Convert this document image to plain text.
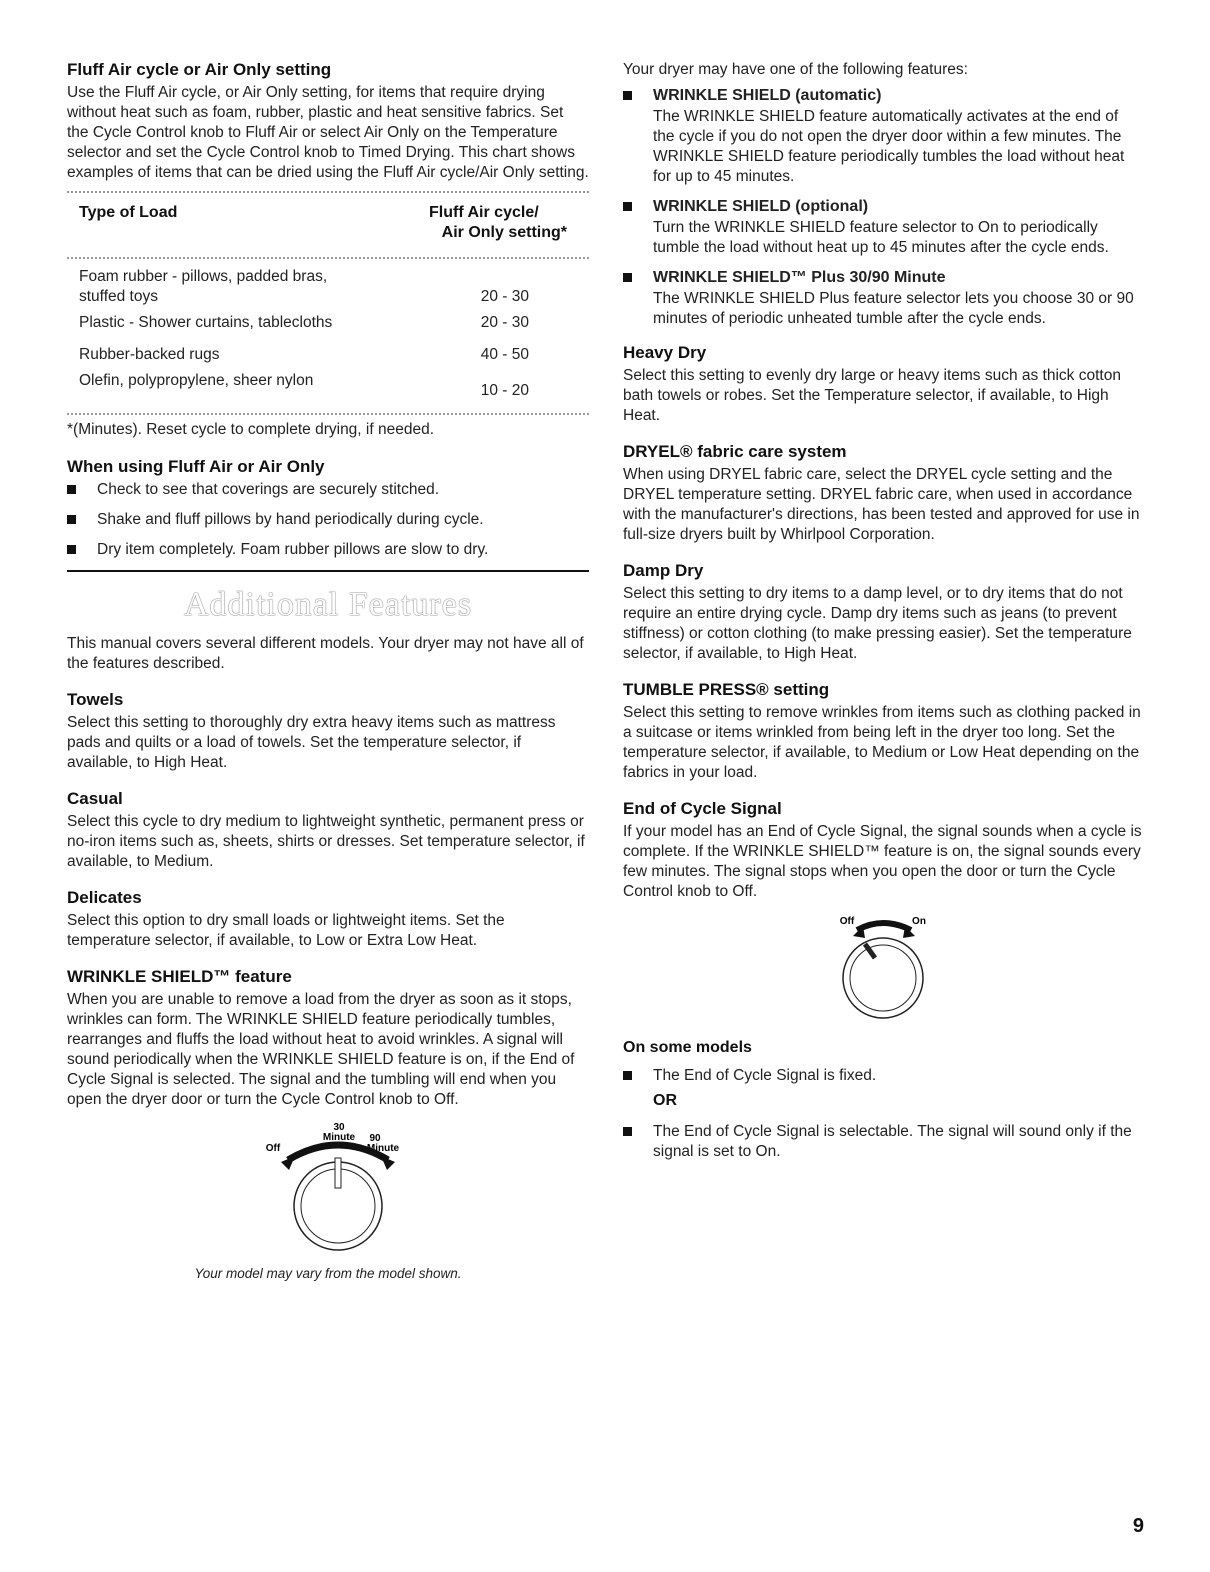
Fluff Air cycle or Air Only setting

Use the Fluff Air cycle, or Air Only setting, for items that require drying without heat such as foam, rubber, plastic and heat sensitive fabrics. Set the Cycle Control knob to Fluff Air or select Air Only on the Temperature selector and set the Cycle Control knob to Timed Drying. This chart shows examples of items that can be dried using the Fluff Air cycle/Air Only setting.

Type of Load	Fluff Air cycle/
Air Only setting*

Foam rubber - pillows, padded bras,
stuffed toys	20 - 30
Plastic - Shower curtains, tablecloths	20 - 30
Rubber-backed rugs	40 - 50
Olefin, polypropylene, sheer nylon	10 - 20
*(Minutes). Reset cycle to complete drying, if needed.
When using Fluff Air or Air Only
Check to see that coverings are securely stitched.
Shake and fluff pillows by hand periodically during cycle.
Dry item completely. Foam rubber pillows are slow to dry.
Additional Features

This manual covers several different models. Your dryer may not have all of the features described.

Towels

Select this setting to thoroughly dry extra heavy items such as mattress pads and quilts or a load of towels. Set the temperature selector, if available, to High Heat.

Casual

Select this cycle to dry medium to lightweight synthetic, permanent press or no-iron items such as, sheets, shirts or dresses. Set temperature selector, if available, to Medium.

Delicates

Select this option to dry small loads or lightweight items. Set the temperature selector, if available, to Low or Extra Low Heat.

WRINKLE SHIELD™ feature

When you are unable to remove a load from the dryer as soon as it stops, wrinkles can form. The WRINKLE SHIELD feature periodically tumbles, rearranges and fluffs the load without heat to avoid wrinkles. A signal will sound periodically when the WRINKLE SHIELD feature is on, if the End of Cycle Signal is selected. The signal and the tumbling will end when you open the dryer door or turn the Cycle Control knob to Off.

30
Minute 90
Minute
Off
Your model may vary from the model shown.

Your dryer may have one of the following features:

WRINKLE SHIELD (automatic)

The WRINKLE SHIELD feature automatically activates at the end of the cycle if you do not open the dryer door within a few minutes. The WRINKLE SHIELD feature periodically tumbles the load without heat for up to 45 minutes.

WRINKLE SHIELD (optional)

Turn the WRINKLE SHIELD feature selector to On to periodically tumble the load without heat up to 45 minutes after the cycle ends.

WRINKLE SHIELD™ Plus 30/90 Minute

The WRINKLE SHIELD Plus feature selector lets you choose 30 or 90 minutes of periodic unheated tumble after the cycle ends.

Heavy Dry

Select this setting to evenly dry large or heavy items such as thick cotton bath towels or robes. Set the Temperature selector, if available, to High Heat.

DRYEL® fabric care system

When using DRYEL fabric care, select the DRYEL cycle setting and the DRYEL temperature setting. DRYEL fabric care, when used in accordance with the manufacturer's directions, has been tested and approved for use in full-size dryers built by Whirlpool Corporation.

Damp Dry

Select this setting to dry items to a damp level, or to dry items that do not require an entire drying cycle. Damp dry items such as jeans (to prevent stiffness) or cotton clothing (to make pressing easier). Set the temperature selector, if available, to High Heat.

TUMBLE PRESS® setting

Select this setting to remove wrinkles from items such as clothing packed in a suitcase or items wrinkled from being left in the dryer too long. Set the temperature selector, if available, to Medium or Low Heat depending on the fabrics in your load.

End of Cycle Signal

If your model has an End of Cycle Signal, the signal sounds when a cycle is complete. If the WRINKLE SHIELD™ feature is on, the signal sounds every few minutes. The signal stops when you open the door or turn the Cycle Control knob to Off.

Off	On
On some models
The End of Cycle Signal is fixed.
OR
The End of Cycle Signal is selectable. The signal will sound only if the signal is set to On.
9
